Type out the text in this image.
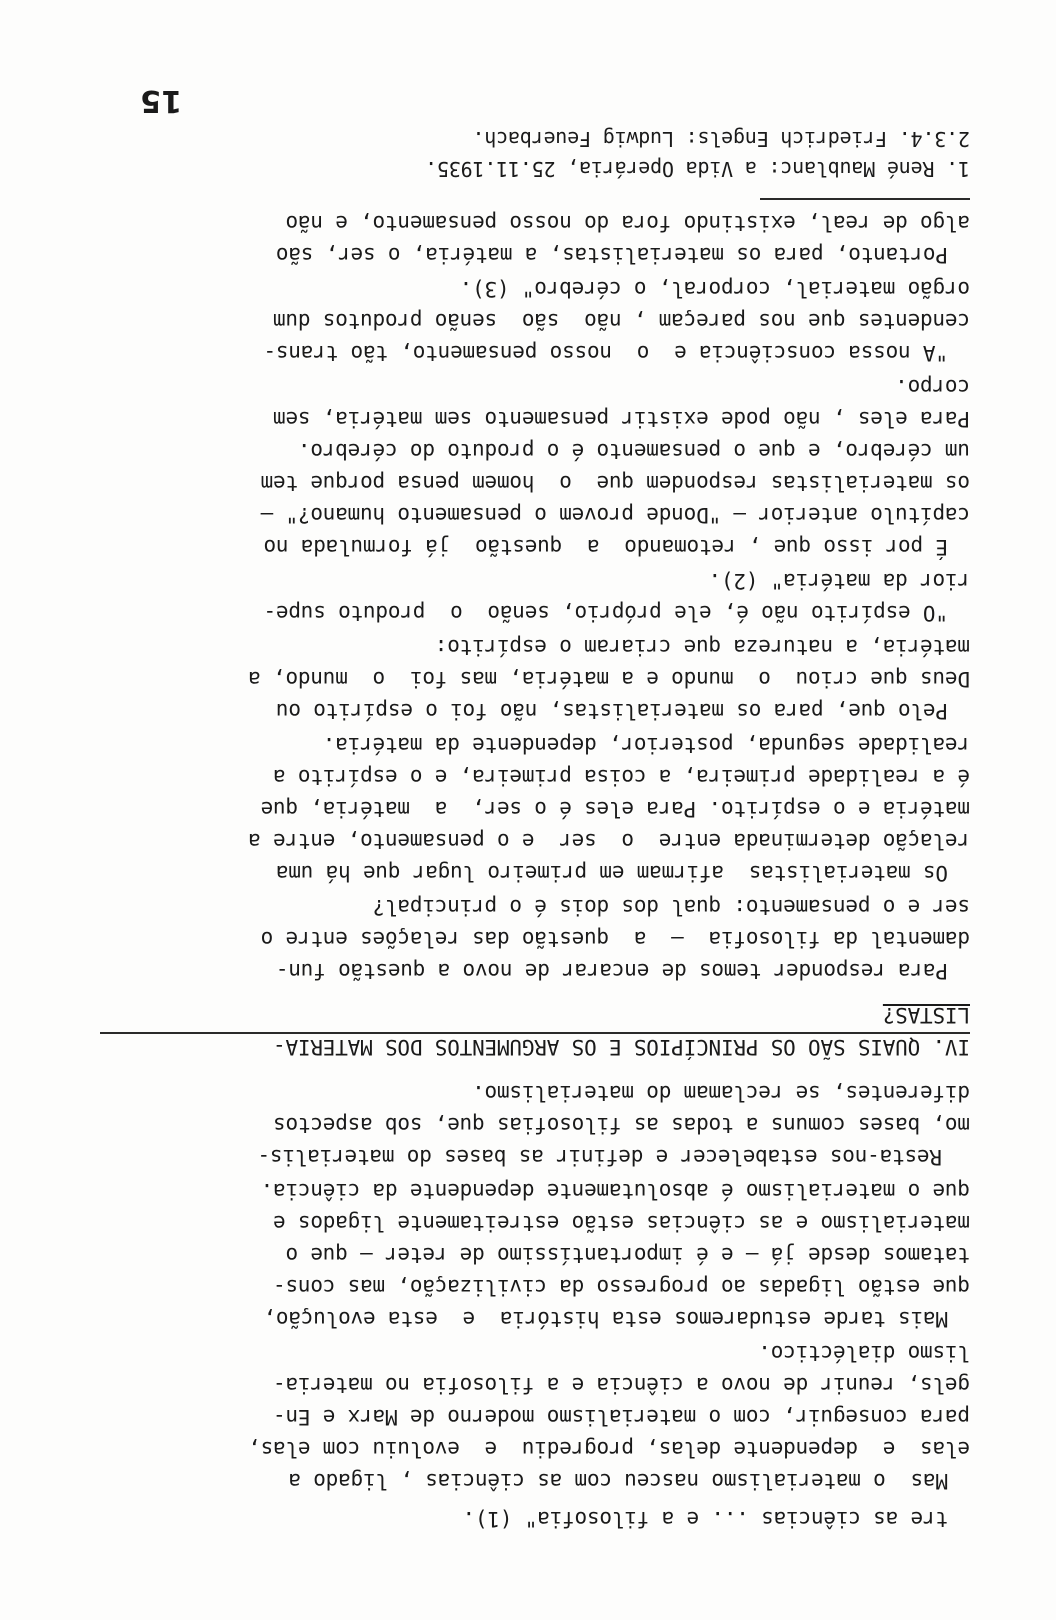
tre as ciências ... e a filosofia" (1).
Mas  o materialismo nasceu com as ciências , ligado a
elas  e  dependente delas, progrediu  e  evoluiu com elas,
para conseguir, com o materialismo moderno de Marx e En-
gels, reunir de novo a ciência e a filosofia no materia-
lismo dialéctico.
Mais tarde estudaremos esta história  e  esta evolução,
que estão ligadas ao progresso da civilização, mas cons-
tatamos desde já — e é importantíssimo de reter — que o
materialismo e as ciências estão estreitamente ligados e
que o materialismo é absolutamente dependente da ciência.
Resta-nos estabelecer e definir as bases do materialis-
mo, bases comuns a todas as filosofias que, sob aspectos
diferentes, se reclamam do materialismo.
IV. QUAIS SÃO OS PRINCÍPIOS E OS ARGUMENTOS DOS MATERIA-
LISTAS?
Para responder temos de encarar de novo a questão fun-
damental da filosofia  —  a  questão das relações entre o
ser e o pensamento: qual dos dois é o principal?
Os materialistas  afirmam em primeiro lugar que há uma
relação determinada entre  o  ser  e o pensamento, entre a
matéria e o espírito. Para eles é o ser,  a  matéria, que
é a realidade primeira, a coisa primeira, e o espírito a
realidade segunda, posterior, dependente da matéria.
Pelo que, para os materialistas, não foi o espírito ou
Deus que criou  o  mundo e a matéria, mas foi  o  mundo, a
matéria, a natureza que criaram o espírito:
"O espírito não é, ele próprio, senão  o  produto supe-
rior da matéria" (2).
É por isso que , retomando  a  questão  já formulada no
capítulo anterior — "Donde provem o pensamento humano?" —
os materialistas respondem que  o  homem pensa porque tem
um cérebro, e que o pensamento é o produto do cérebro.
Para eles , não pode existir pensamento sem matéria, sem
corpo.
"A nossa consciência e  o  nosso pensamento, tão trans-
cendentes que nos pareçam , não  são  senão produtos dum
orgão material, corporal, o cérebro" (3).
Portanto, para os materialistas, a matéria, o ser, são
algo de real, existindo fora do nosso pensamento, e não
1. René Maublanc: a Vida Operária, 25.11.1935.
2.3.4. Friedrich Engels: Ludwig Feuerbach.
15
